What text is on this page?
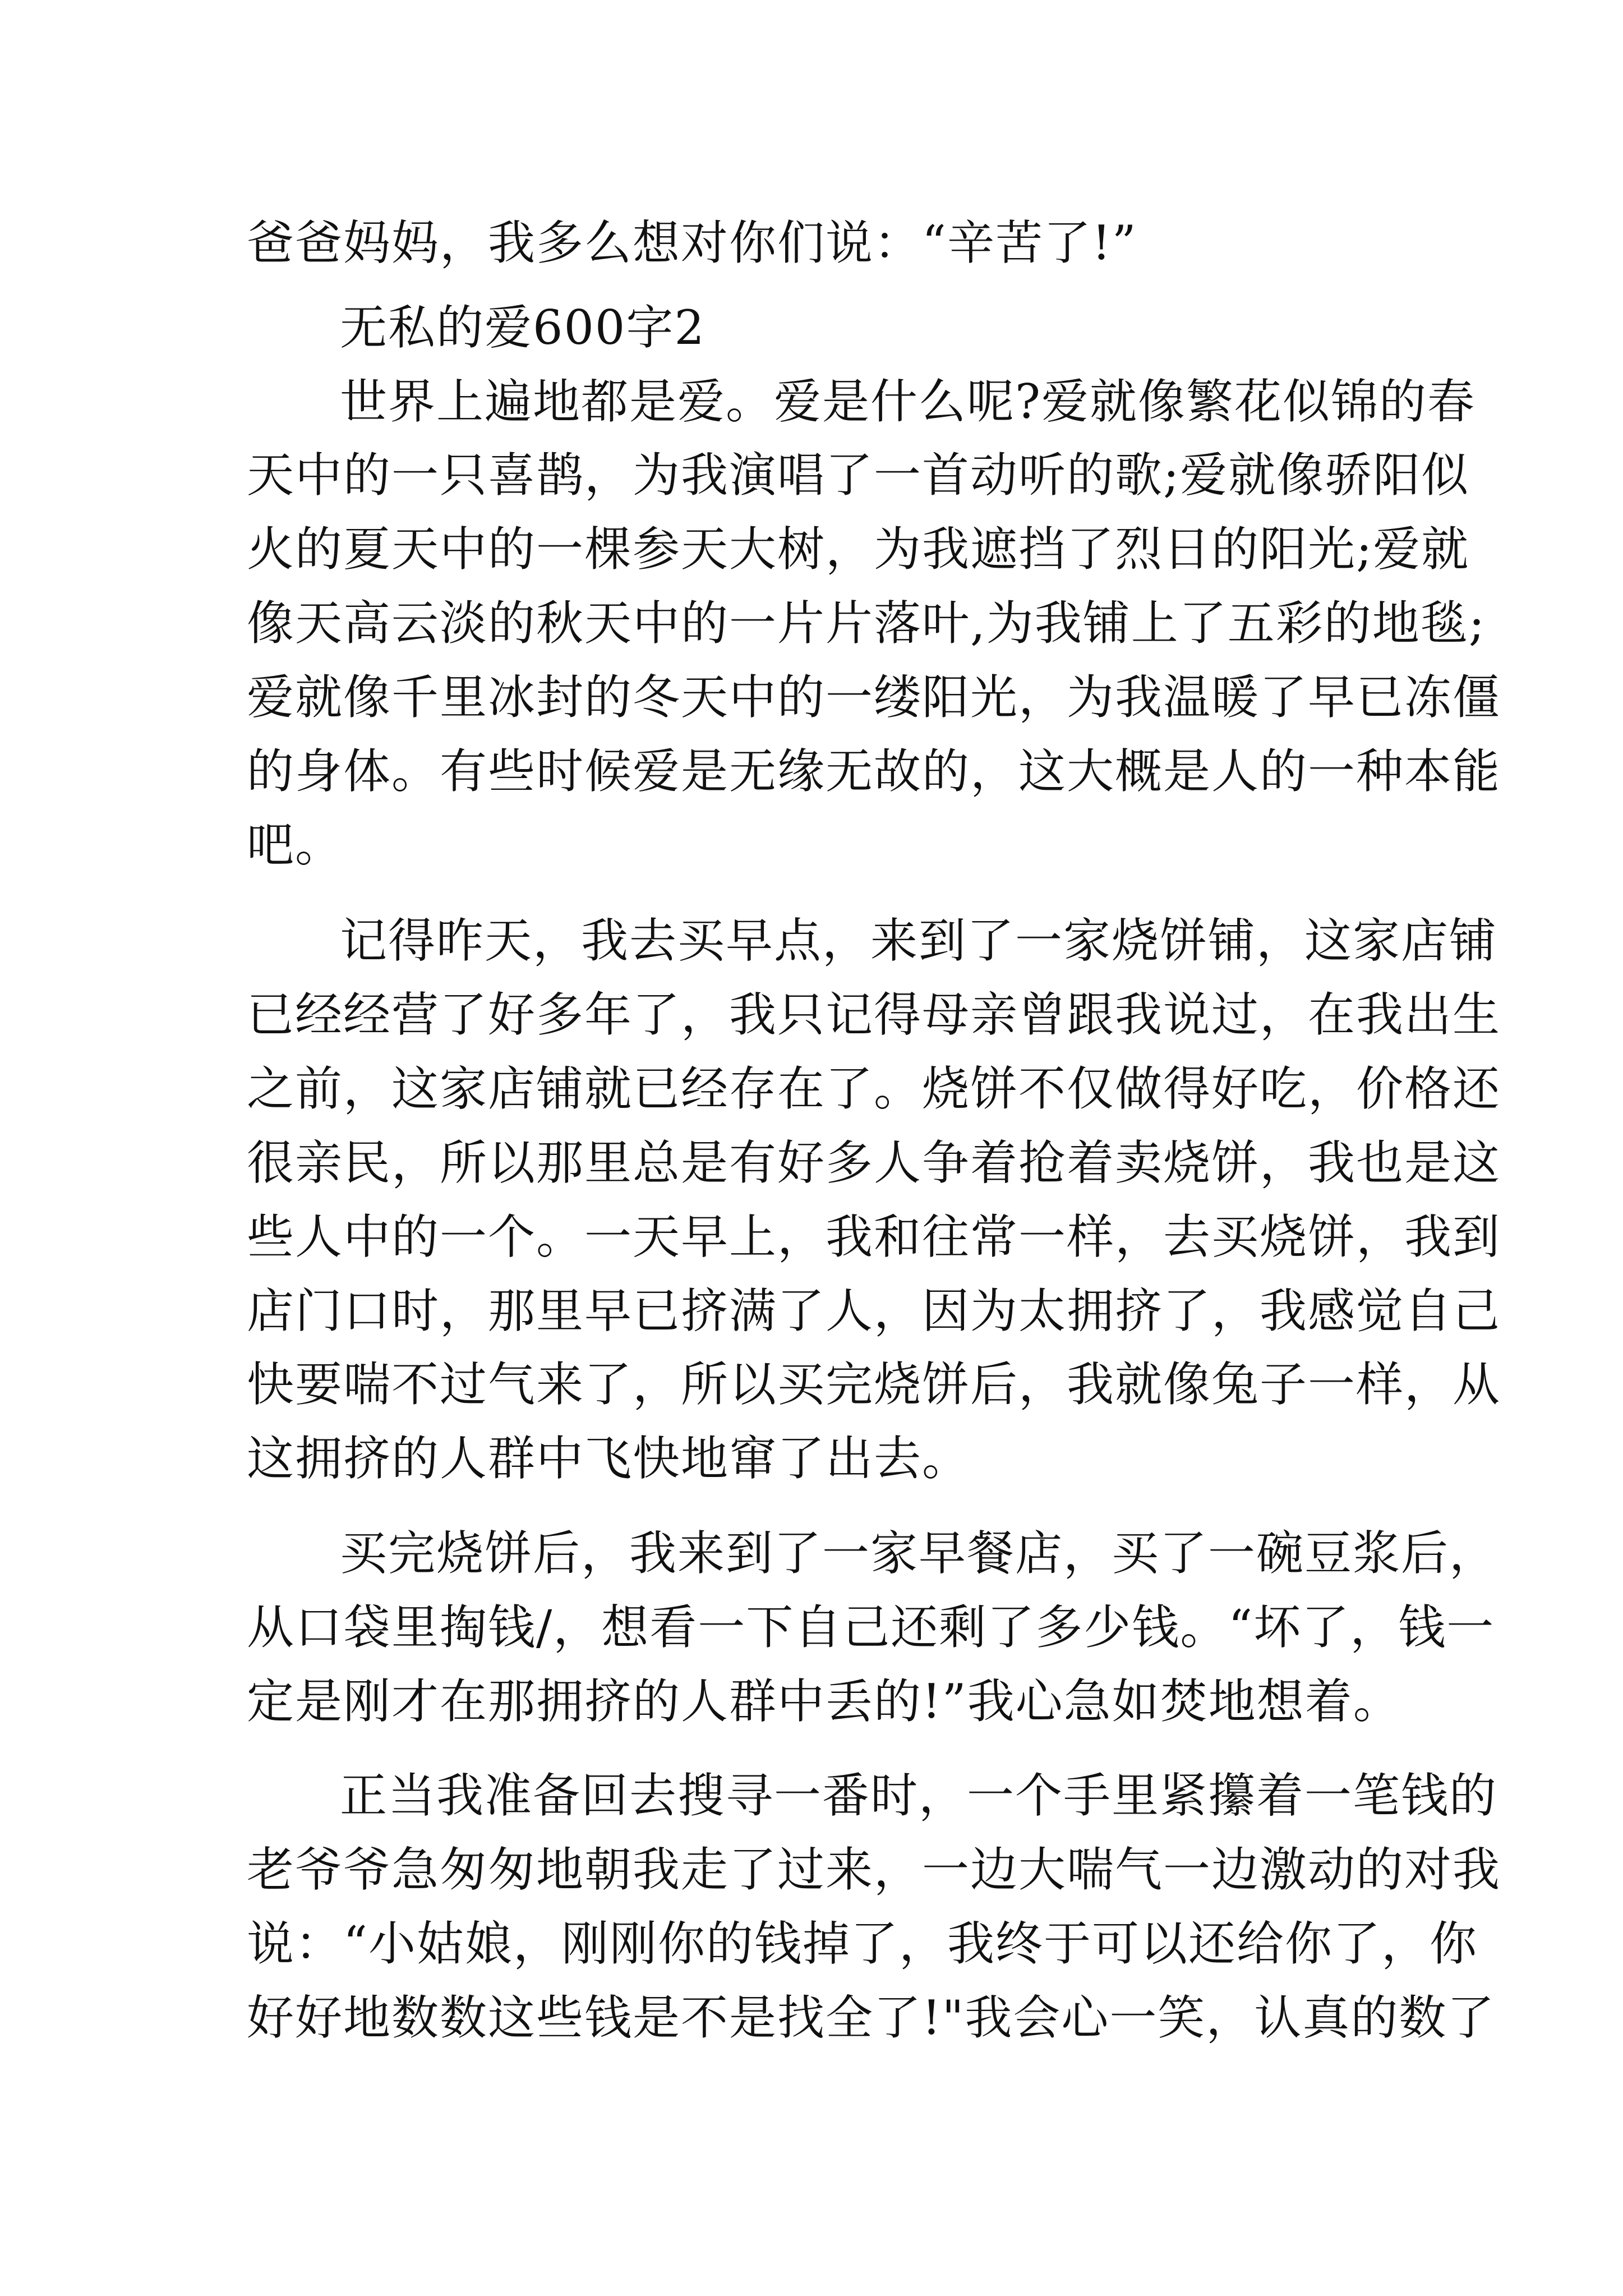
爸爸妈妈，我多么想对你们说：“辛苦了!”
无私的爱600字2
世界上遍地都是爱。爱是什么呢?爱就像繁花似锦的春
天中的一只喜鹊，为我演唱了一首动听的歌;爱就像骄阳似
火的夏天中的一棵参天大树，为我遮挡了烈日的阳光;爱就
像天高云淡的秋天中的一片片落叶,为我铺上了五彩的地毯;
爱就像千里冰封的冬天中的一缕阳光，为我温暖了早已冻僵
的身体。有些时候爱是无缘无故的，这大概是人的一种本能
吧。
记得昨天，我去买早点，来到了一家烧饼铺，这家店铺
已经经营了好多年了，我只记得母亲曾跟我说过，在我出生
之前，这家店铺就已经存在了。烧饼不仅做得好吃，价格还
很亲民，所以那里总是有好多人争着抢着卖烧饼，我也是这
些人中的一个。一天早上，我和往常一样，去买烧饼，我到
店门口时，那里早已挤满了人，因为太拥挤了，我感觉自己
快要喘不过气来了，所以买完烧饼后，我就像兔子一样，从
这拥挤的人群中飞快地窜了出去。
买完烧饼后，我来到了一家早餐店，买了一碗豆浆后，
从口袋里掏钱/，想看一下自己还剩了多少钱。“坏了，钱一
定是刚才在那拥挤的人群中丢的!”我心急如焚地想着。
正当我准备回去搜寻一番时，一个手里紧攥着一笔钱的
老爷爷急匆匆地朝我走了过来，一边大喘气一边激动的对我
说：“小姑娘，刚刚你的钱掉了，我终于可以还给你了，你
好好地数数这些钱是不是找全了!"我会心一笑，认真的数了
